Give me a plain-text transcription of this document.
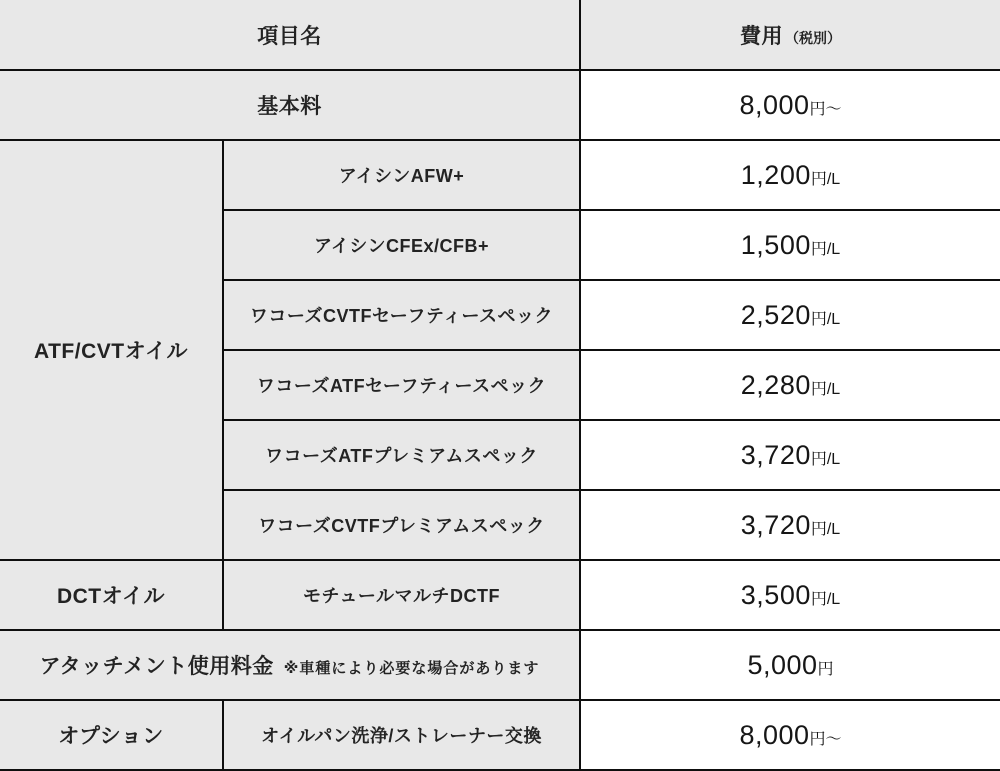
項目名		費用 （税別）
基本料		8,000円～
ATF/CVTオイル	アイシンAFW+	1,200円/L
	アイシンCFEx/CFB+	1,500円/L
	ワコーズCVTFセーフティースペック	2,520円/L
	ワコーズATFセーフティースペック	2,280円/L
	ワコーズATFプレミアムスペック	3,720円/L
	ワコーズCVTFプレミアムスペック	3,720円/L
DCTオイル	モチュールマルチDCTF	3,500円/L
アタッチメント使用料金 ※車種により必要な場合があります		5,000円
オプション	オイルパン洗浄/ストレーナー交換	8,000円～
